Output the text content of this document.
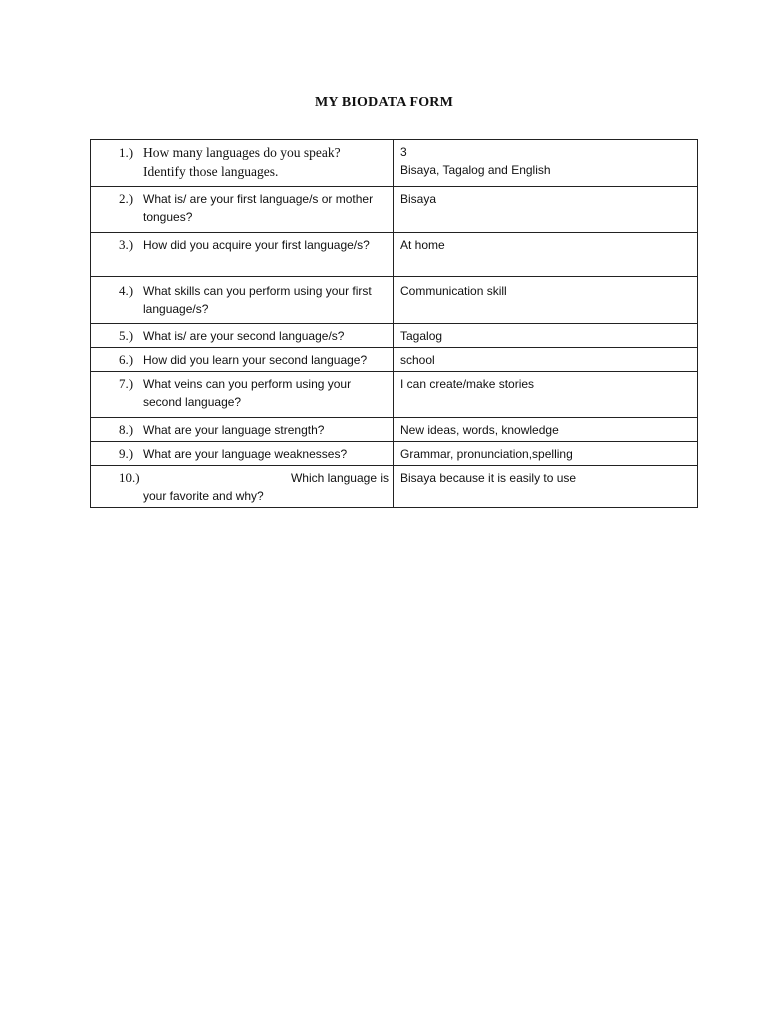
MY BIODATA FORM
1.) How many languages do you speak?
Identify those languages.	3
Bisaya, Tagalog and English

2.) What is/ are your first language/s or mother tongues?	Bisaya

3.) How did you acquire your first language/s?	At home

4.) What skills can you perform using your first language/s?	Communication skill

5.) What is/ are your second language/s?	Tagalog

6.) How did you learn your second language?	school

7.) What veins can you perform using your second language?	I can create/make stories

8.) What are your language strength?	New ideas, words, knowledge

9.) What are your language weaknesses?	Grammar, pronunciation,spelling

10.) Which language is
your favorite and why?	Bisaya because it is easily to use
